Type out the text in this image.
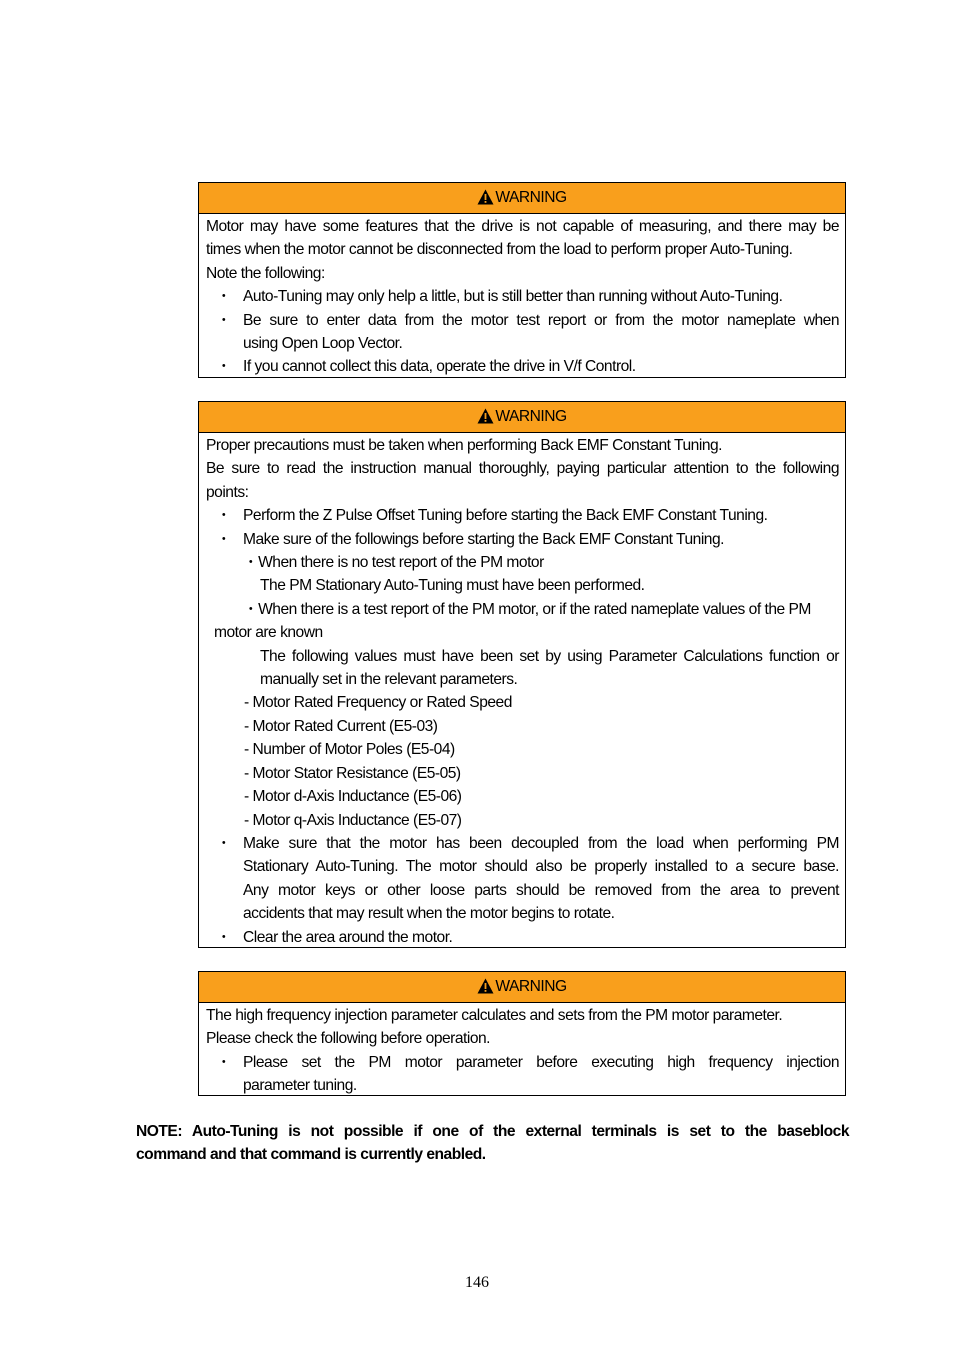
WARNING
Motor may have some features that the drive is not capable of measuring, and there may be
times when the motor cannot be disconnected from the load to perform proper Auto-Tuning.
Note the following:
・ Auto-Tuning may only help a little, but is still better than running without Auto-Tuning.
・ Be sure to enter data from the motor test report or from the motor nameplate when
using Open Loop Vector.
・ If you cannot collect this data, operate the drive in V/f Control.
WARNING
Proper precautions must be taken when performing Back EMF Constant Tuning.
Be sure to read the instruction manual thoroughly, paying particular attention to the following
points:
・ Perform the Z Pulse Offset Tuning before starting the Back EMF Constant Tuning.
・ Make sure of the followings before starting the Back EMF Constant Tuning.
・When there is no test report of the PM motor
The PM Stationary Auto-Tuning must have been performed.
・When there is a test report of the PM motor, or if the rated nameplate values of the PM
motor are known
The following values must have been set by using Parameter Calculations function or
manually set in the relevant parameters.
- Motor Rated Frequency or Rated Speed
- Motor Rated Current (E5-03)
- Number of Motor Poles (E5-04)
- Motor Stator Resistance (E5-05)
- Motor d-Axis Inductance (E5-06)
- Motor q-Axis Inductance (E5-07)
・ Make sure that the motor has been decoupled from the load when performing PM
Stationary Auto-Tuning. The motor should also be properly installed to a secure base.
Any motor keys or other loose parts should be removed from the area to prevent
accidents that may result when the motor begins to rotate.
・ Clear the area around the motor.
WARNING
The high frequency injection parameter calculates and sets from the PM motor parameter.
Please check the following before operation.
・ Please set the PM motor parameter before executing high frequency injection
parameter tuning.
NOTE: Auto-Tuning is not possible if one of the external terminals is set to the baseblock
command and that command is currently enabled.
146
